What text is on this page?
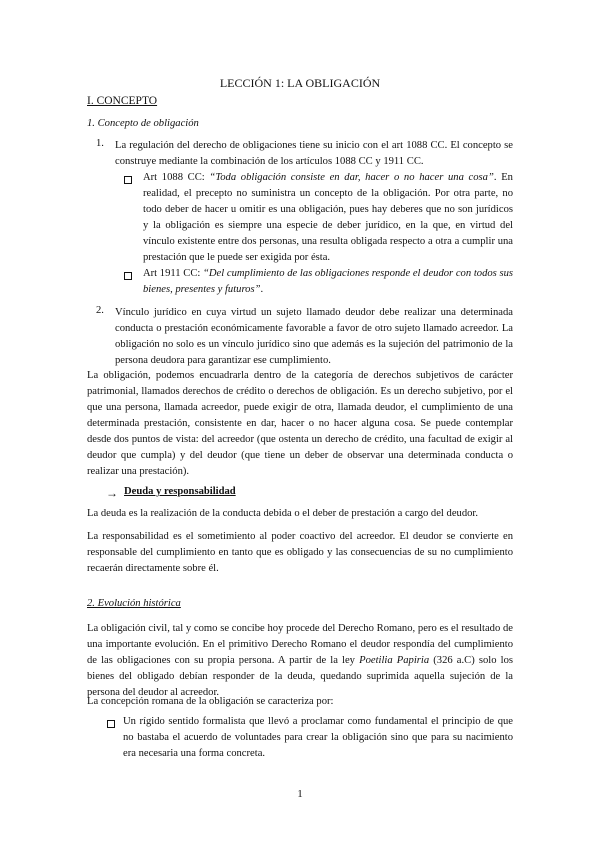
LECCIÓN 1: LA OBLIGACIÓN
I. CONCEPTO
1. Concepto de obligación
1. La regulación del derecho de obligaciones tiene su inicio con el art 1088 CC. El concepto se construye mediante la combinación de los artículos 1088 CC y 1911 CC.
Art 1088 CC: “Toda obligación consiste en dar, hacer o no hacer una cosa”. En realidad, el precepto no suministra un concepto de la obligación. Por otra parte, no todo deber de hacer u omitir es una obligación, pues hay deberes que no son jurídicos y la obligación es siempre una especie de deber jurídico, en la que, en virtud del vínculo existente entre dos personas, una resulta obligada respecto a otra a cumplir una prestación que le puede ser exigida por ésta.
Art 1911 CC: “Del cumplimiento de las obligaciones responde el deudor con todos sus bienes, presentes y futuros”.
2. Vínculo jurídico en cuya virtud un sujeto llamado deudor debe realizar una determinada conducta o prestación económicamente favorable a favor de otro sujeto llamado acreedor. La obligación no solo es un vínculo jurídico sino que además es la sujeción del patrimonio de la persona deudora para garantizar ese cumplimiento.
La obligación, podemos encuadrarla dentro de la categoría de derechos subjetivos de carácter patrimonial, llamados derechos de crédito o derechos de obligación. Es un derecho subjetivo, por el que una persona, llamada acreedor, puede exigir de otra, llamada deudor, el cumplimiento de una determinada prestación, consistente en dar, hacer o no hacer alguna cosa. Se puede contemplar desde dos puntos de vista: del acreedor (que ostenta un derecho de crédito, una facultad de exigir al deudor que cumpla) y del deudor (que tiene un deber de observar una determinada conducta o realizar una prestación).
→ Deuda y responsabilidad
La deuda es la realización de la conducta debida o el deber de prestación a cargo del deudor.
La responsabilidad es el sometimiento al poder coactivo del acreedor. El deudor se convierte en responsable del cumplimiento en tanto que es obligado y las consecuencias de su no cumplimiento recaerán directamente sobre él.
2. Evolución histórica
La obligación civil, tal y como se concibe hoy procede del Derecho Romano, pero es el resultado de una importante evolución. En el primitivo Derecho Romano el deudor respondía del cumplimiento de las obligaciones con su propia persona. A partir de la ley Poetilia Papiria (326 a.C) solo los bienes del obligado debían responder de la deuda, quedando suprimida aquella sujeción de la persona del deudor al acreedor.
La concepción romana de la obligación se caracteriza por:
Un rígido sentido formalista que llevó a proclamar como fundamental el principio de que no bastaba el acuerdo de voluntades para crear la obligación sino que para su nacimiento era necesaria una forma concreta.
1
